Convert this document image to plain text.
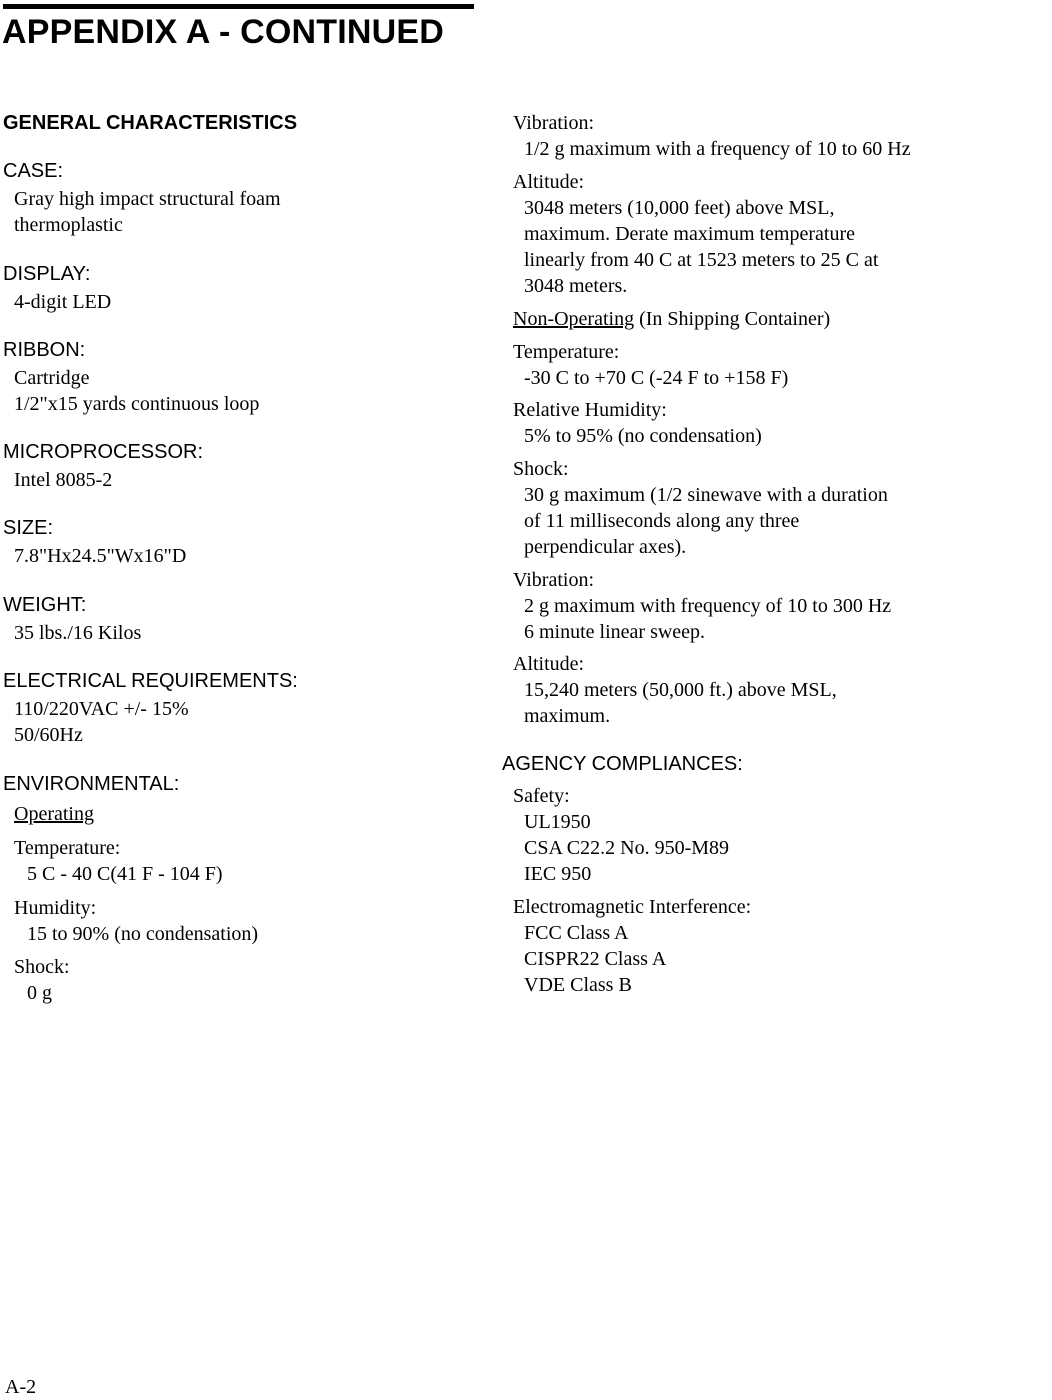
APPENDIX A - CONTINUED
GENERAL CHARACTERISTICS
CASE:
Gray high impact structural foam
thermoplastic
DISPLAY:
4-digit LED
RIBBON:
Cartridge
1/2"x15 yards continuous loop
MICROPROCESSOR:
Intel 8085-2
SIZE:
7.8"Hx24.5"Wx16"D
WEIGHT:
35 lbs./16 Kilos
ELECTRICAL REQUIREMENTS:
110/220VAC +/- 15%
50/60Hz
ENVIRONMENTAL:
Operating
Temperature:
5 C - 40 C(41 F - 104 F)
Humidity:
15 to 90% (no condensation)
Shock:
0 g
Vibration:
1/2 g maximum with a frequency of 10 to 60 Hz
Altitude:
3048 meters (10,000 feet) above MSL,
maximum. Derate maximum temperature
linearly from 40 C at 1523 meters to 25 C at
3048 meters.
Non-Operating (In Shipping Container)
Temperature:
-30 C to +70 C (-24 F to +158 F)
Relative Humidity:
5% to 95% (no condensation)
Shock:
30 g maximum (1/2 sinewave with a duration
of 11 milliseconds along any three
perpendicular axes).
Vibration:
2 g maximum with frequency of 10 to 300 Hz
6 minute linear sweep.
Altitude:
15,240 meters (50,000 ft.) above MSL,
maximum.
AGENCY COMPLIANCES:
Safety:
UL1950
CSA C22.2 No. 950-M89
IEC 950
Electromagnetic Interference:
FCC Class A
CISPR22 Class A
VDE Class B
A-2
